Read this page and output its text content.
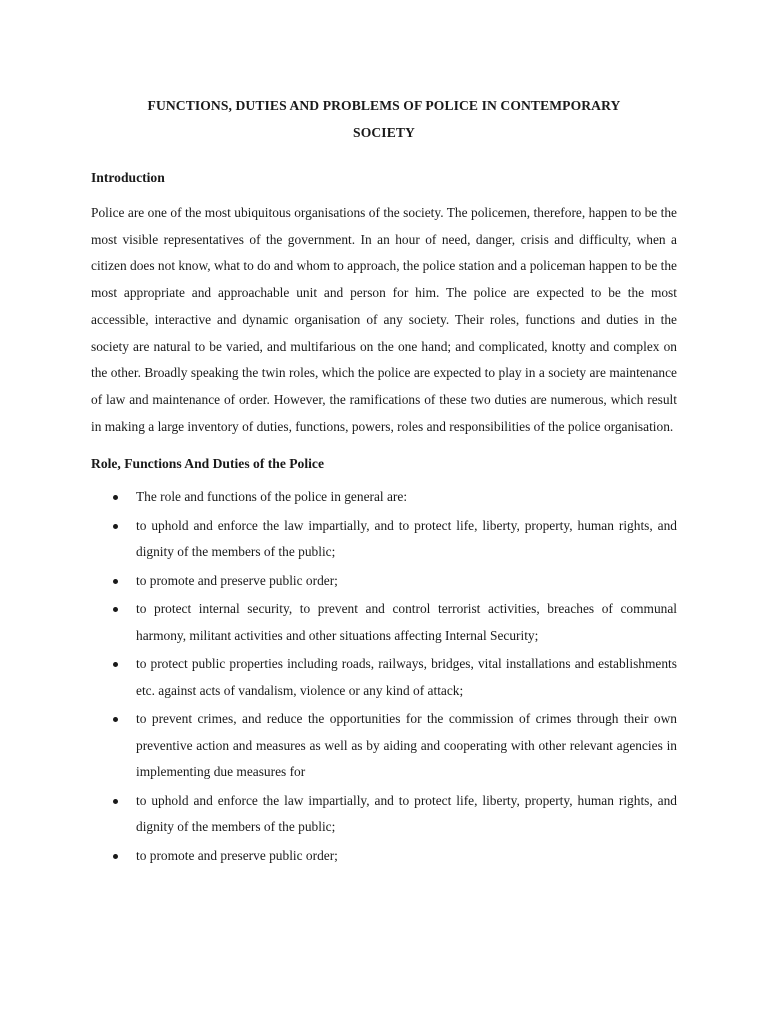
FUNCTIONS, DUTIES AND PROBLEMS OF POLICE IN CONTEMPORARY
SOCIETY
Introduction

Police are one of the most ubiquitous organisations of the society. The policemen, therefore, happen to be the most visible representatives of the government. In an hour of need, danger, crisis and difficulty, when a citizen does not know, what to do and whom to approach, the police station and a policeman happen to be the most appropriate and approachable unit and person for him. The police are expected to be the most accessible, interactive and dynamic organisation of any society. Their roles, functions and duties in the society are natural to be varied, and multifarious on the one hand; and complicated, knotty and complex on the other. Broadly speaking the twin roles, which the police are expected to play in a society are maintenance of law and maintenance of order. However, the ramifications of these two duties are numerous, which result in making a large inventory of duties, functions, powers, roles and responsibilities of the police organisation.

Role, Functions And Duties of the Police
The role and functions of the police in general are:
to uphold and enforce the law impartially, and to protect life, liberty, property, human rights, and dignity of the members of the public;
to promote and preserve public order;
to protect internal security, to prevent and control terrorist activities, breaches of communal harmony, militant activities and other situations affecting Internal Security;
to protect public properties including roads, railways, bridges, vital installations and establishments etc. against acts of vandalism, violence or any kind of attack;
to prevent crimes, and reduce the opportunities for the commission of crimes through their own preventive action and measures as well as by aiding and cooperating with other relevant agencies in implementing due measures for
to uphold and enforce the law impartially, and to protect life, liberty, property, human rights, and dignity of the members of the public;
to promote and preserve public order;
